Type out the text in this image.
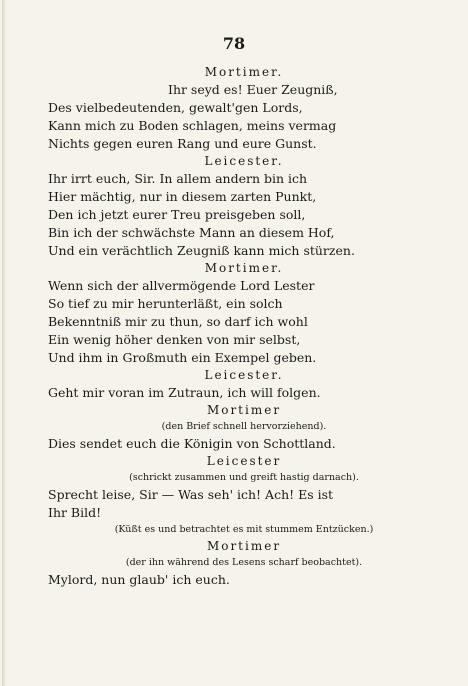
78

Mortimer.

Ihr seyd es! Euer Zeugniß,

Des vielbedeutenden, gewalt'gen Lords,

Kann mich zu Boden schlagen, meins vermag

Nichts gegen euren Rang und eure Gunst.

Leicester.

Ihr irrt euch, Sir. In allem andern bin ich

Hier mächtig, nur in diesem zarten Punkt,

Den ich jetzt eurer Treu preisgeben soll,

Bin ich der schwächste Mann an diesem Hof,

Und ein verächtlich Zeugniß kann mich stürzen.

Mortimer.

Wenn sich der allvermögende Lord Lester

So tief zu mir herunterläßt, ein solch

Bekenntniß mir zu thun, so darf ich wohl

Ein wenig höher denken von mir selbst,

Und ihm in Großmuth ein Exempel geben.

Leicester.

Geht mir voran im Zutraun, ich will folgen.

Mortimer

(den Brief schnell hervorziehend).

Dies sendet euch die Königin von Schottland.

Leicester

(schrickt zusammen und greift hastig darnach).

Sprecht leise, Sir — Was seh' ich! Ach! Es ist

Ihr Bild!

(Küßt es und betrachtet es mit stummem Entzücken.)

Mortimer

(der ihn während des Lesens scharf beobachtet).

Mylord, nun glaub' ich euch.
